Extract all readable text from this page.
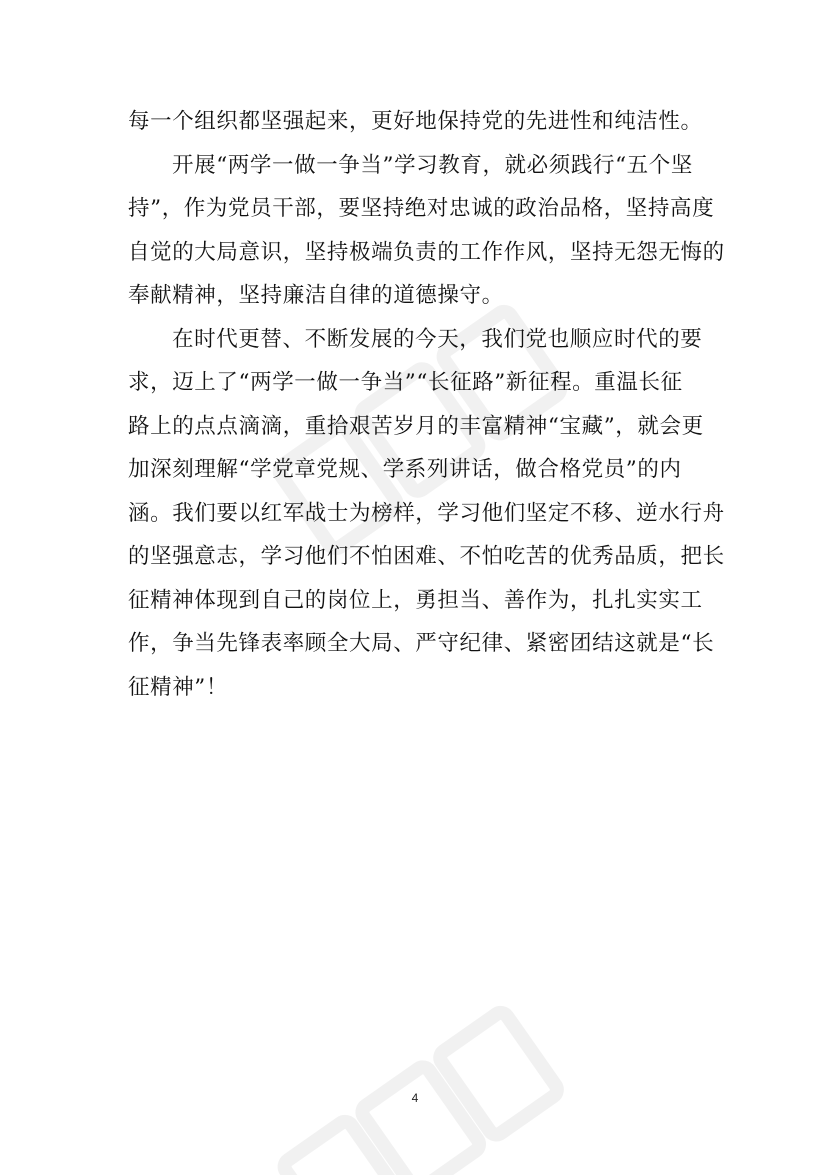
每一个组织都坚强起来，更好地保持党的先进性和纯洁性。
开展“两学一做一争当”学习教育，就必须践行“五个坚
持”，作为党员干部，要坚持绝对忠诚的政治品格，坚持高度
自觉的大局意识，坚持极端负责的工作作风，坚持无怨无悔的
奉献精神，坚持廉洁自律的道德操守。
在时代更替、不断发展的今天，我们党也顺应时代的要
求，迈上了“两学一做一争当”“长征路”新征程。重温长征
路上的点点滴滴，重拾艰苦岁月的丰富精神“宝藏”，就会更
加深刻理解“学党章党规、学系列讲话，做合格党员”的内
涵。我们要以红军战士为榜样，学习他们坚定不移、逆水行舟
的坚强意志，学习他们不怕困难、不怕吃苦的优秀品质，把长
征精神体现到自己的岗位上，勇担当、善作为，扎扎实实工
作，争当先锋表率顾全大局、严守纪律、紧密团结这就是“长
征精神”！
4
